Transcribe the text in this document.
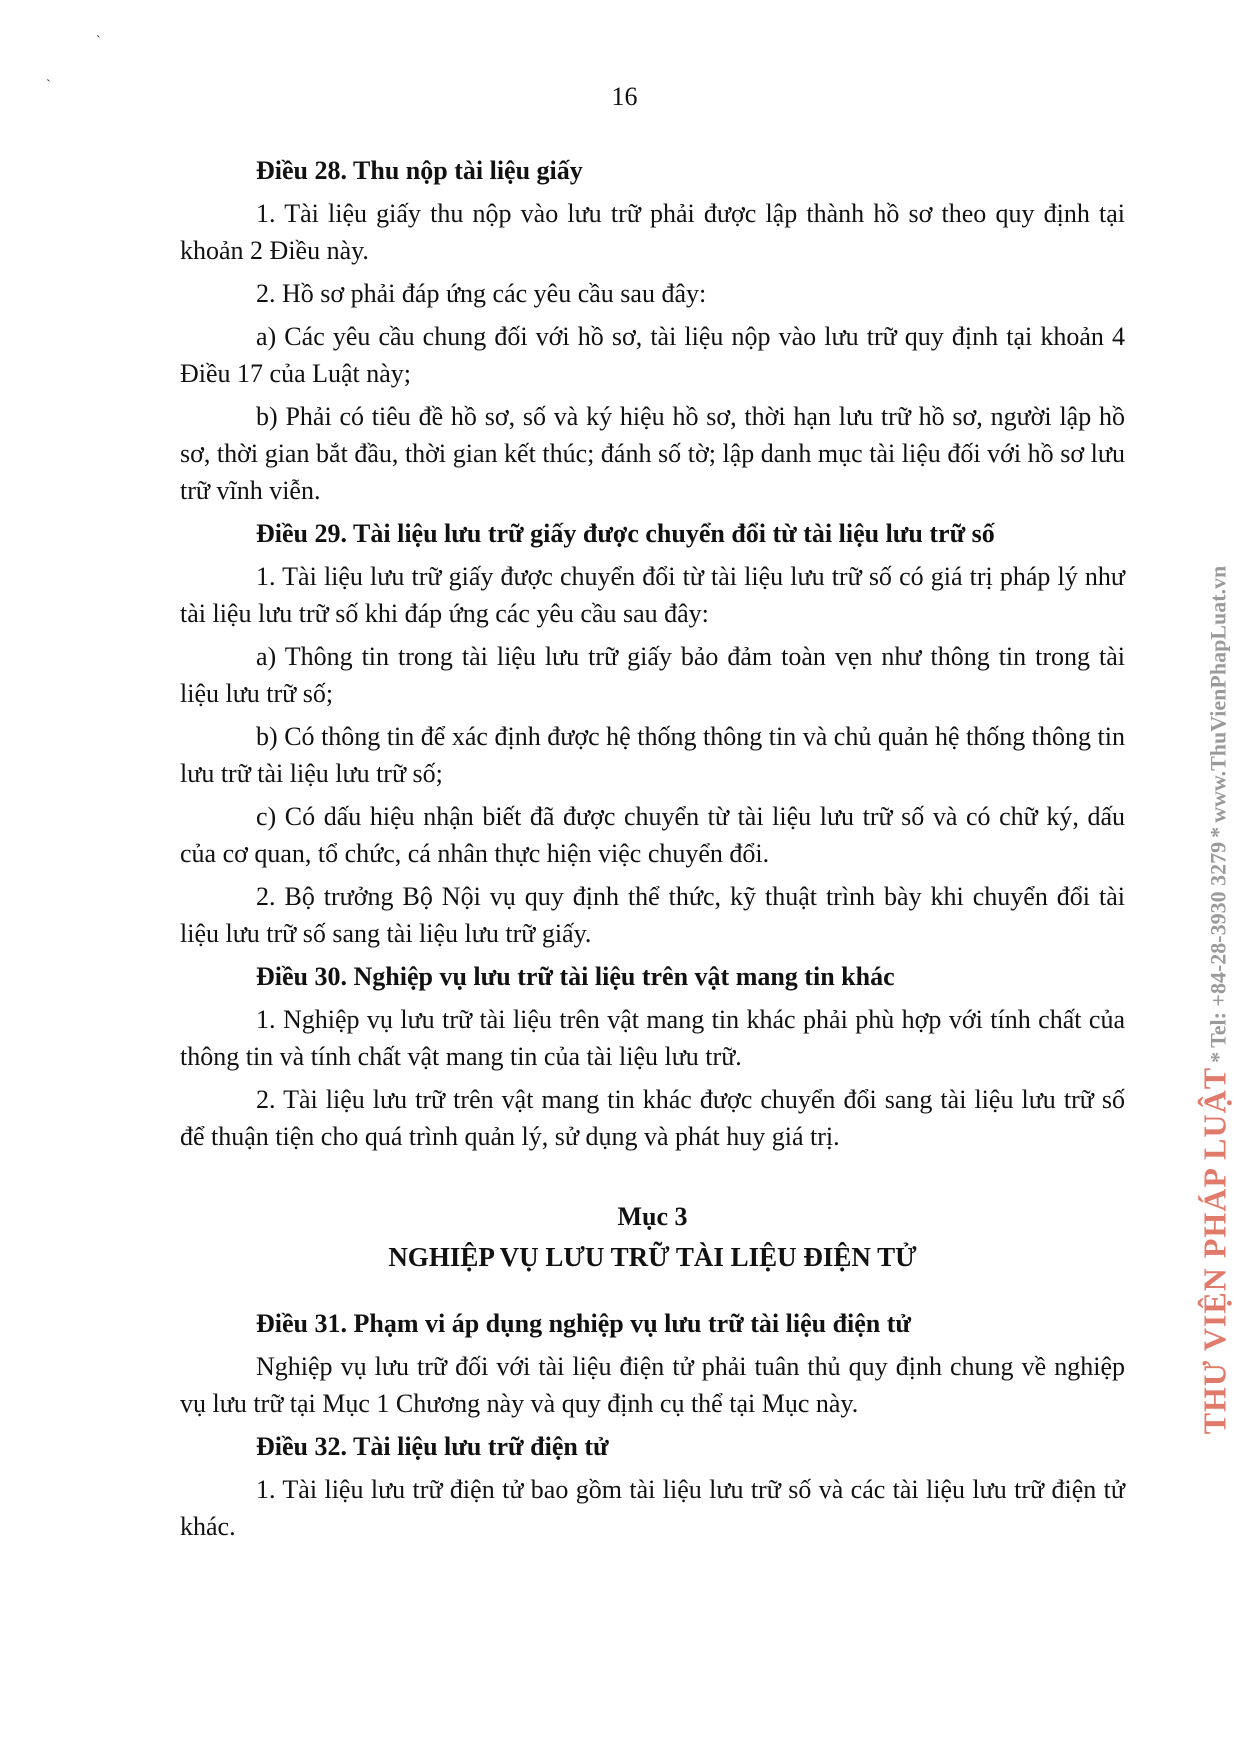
`
`	16
Điều 28. Thu nộp tài liệu giấy
1. Tài liệu giấy thu nộp vào lưu trữ phải được lập thành hồ sơ theo quy định tại khoản 2 Điều này.
2. Hồ sơ phải đáp ứng các yêu cầu sau đây:
a) Các yêu cầu chung đối với hồ sơ, tài liệu nộp vào lưu trữ quy định tại khoản 4 Điều 17 của Luật này;
b) Phải có tiêu đề hồ sơ, số và ký hiệu hồ sơ, thời hạn lưu trữ hồ sơ, người lập hồ sơ, thời gian bắt đầu, thời gian kết thúc; đánh số tờ; lập danh mục tài liệu đối với hồ sơ lưu trữ vĩnh viễn.
Điều 29. Tài liệu lưu trữ giấy được chuyển đổi từ tài liệu lưu trữ số
1. Tài liệu lưu trữ giấy được chuyển đổi từ tài liệu lưu trữ số có giá trị pháp lý như tài liệu lưu trữ số khi đáp ứng các yêu cầu sau đây:
a) Thông tin trong tài liệu lưu trữ giấy bảo đảm toàn vẹn như thông tin trong tài liệu lưu trữ số;
b) Có thông tin để xác định được hệ thống thông tin và chủ quản hệ thống thông tin lưu trữ tài liệu lưu trữ số;
c) Có dấu hiệu nhận biết đã được chuyển từ tài liệu lưu trữ số và có chữ ký, dấu của cơ quan, tổ chức, cá nhân thực hiện việc chuyển đổi.
2. Bộ trưởng Bộ Nội vụ quy định thể thức, kỹ thuật trình bày khi chuyển đổi tài liệu lưu trữ số sang tài liệu lưu trữ giấy.
Điều 30. Nghiệp vụ lưu trữ tài liệu trên vật mang tin khác
1. Nghiệp vụ lưu trữ tài liệu trên vật mang tin khác phải phù hợp với tính chất của thông tin và tính chất vật mang tin của tài liệu lưu trữ.
2. Tài liệu lưu trữ trên vật mang tin khác được chuyển đổi sang tài liệu lưu trữ số để thuận tiện cho quá trình quản lý, sử dụng và phát huy giá trị.
Mục 3
NGHIỆP VỤ LƯU TRỮ TÀI LIỆU ĐIỆN TỬ
Điều 31. Phạm vi áp dụng nghiệp vụ lưu trữ tài liệu điện tử
Nghiệp vụ lưu trữ đối với tài liệu điện tử phải tuân thủ quy định chung về nghiệp vụ lưu trữ tại Mục 1 Chương này và quy định cụ thể tại Mục này.
Điều 32. Tài liệu lưu trữ điện tử
1. Tài liệu lưu trữ điện tử bao gồm tài liệu lưu trữ số và các tài liệu lưu trữ điện tử khác.
THƯ VIỆN PHÁP LUẬT * Tel: +84-28-3930 3279 * www.ThuVienPhapLuat.vn
